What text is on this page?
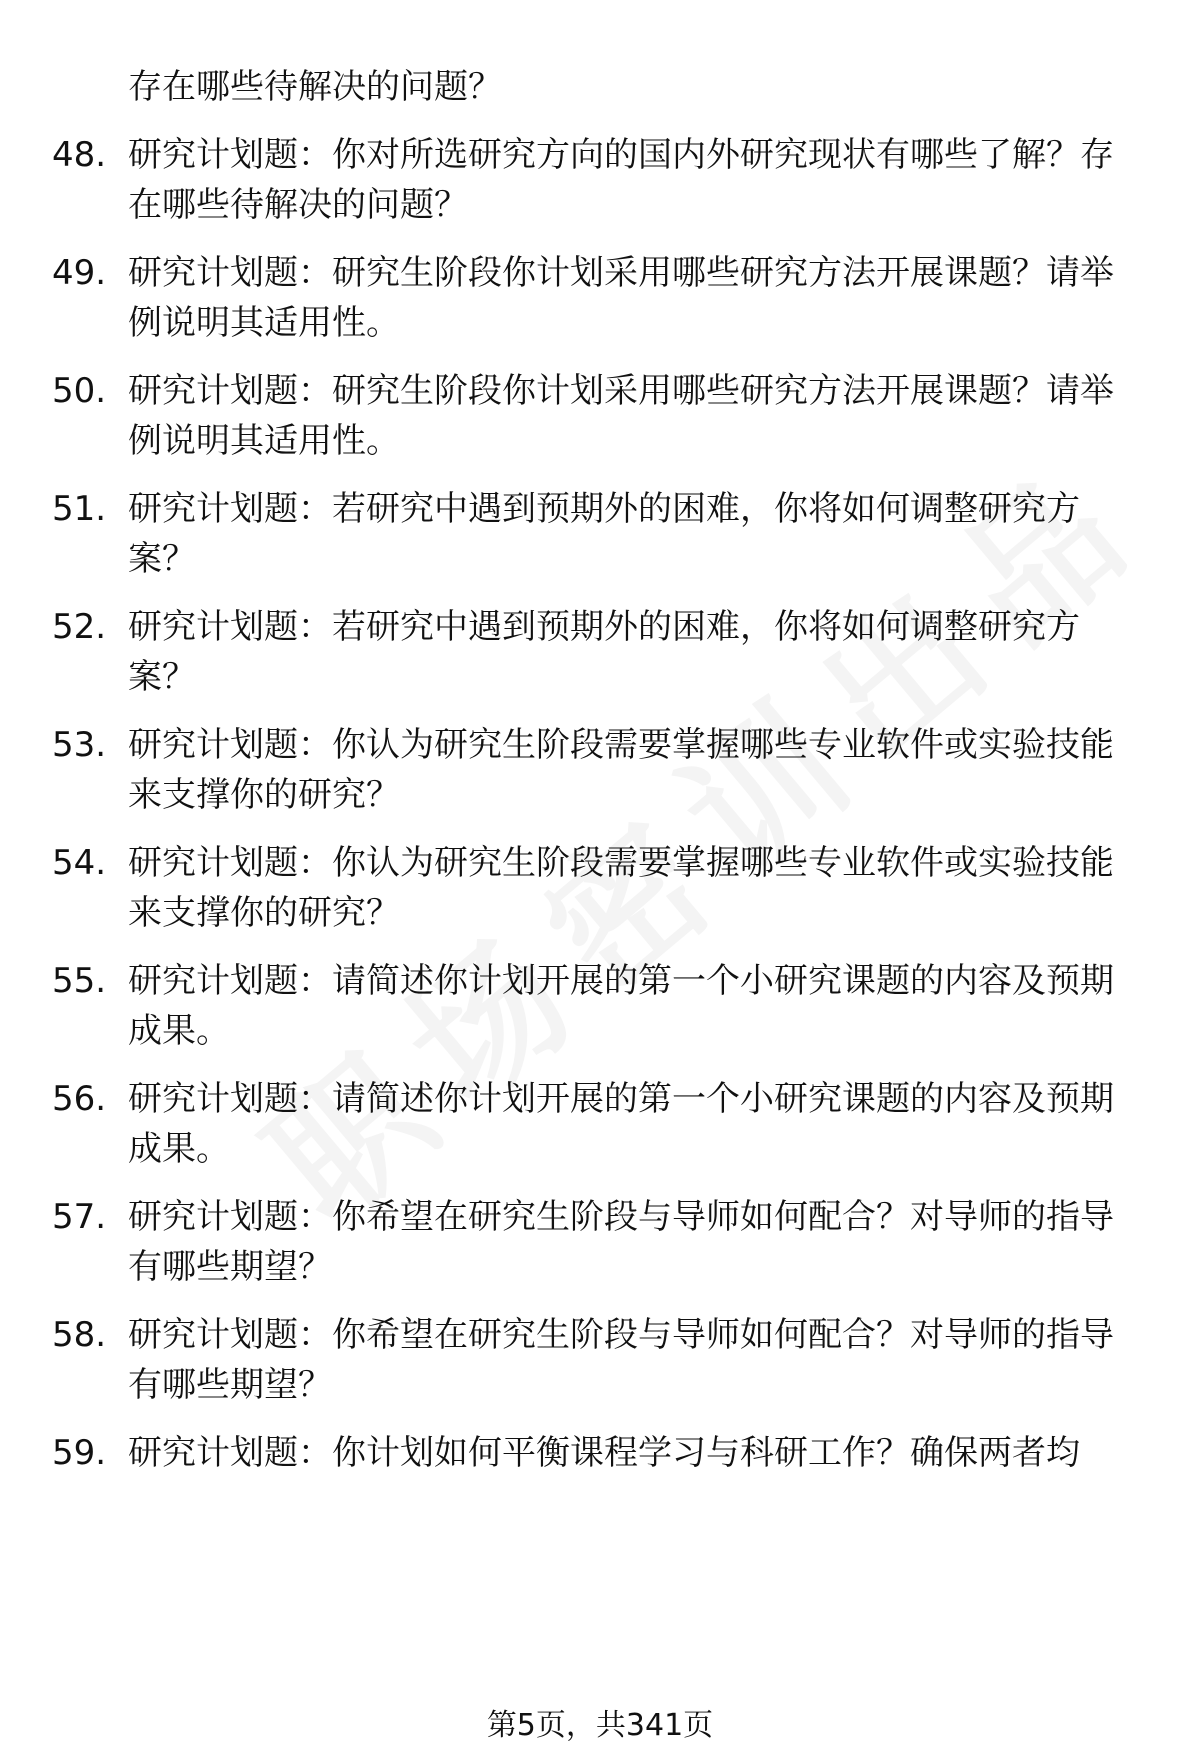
存在哪些待解决的问题？
48. 研究计划题：你对所选研究方向的国内外研究现状有哪些了解？存在哪些待解决的问题？
49. 研究计划题：研究生阶段你计划采用哪些研究方法开展课题？请举例说明其适用性。
50. 研究计划题：研究生阶段你计划采用哪些研究方法开展课题？请举例说明其适用性。
51. 研究计划题：若研究中遇到预期外的困难，你将如何调整研究方案？
52. 研究计划题：若研究中遇到预期外的困难，你将如何调整研究方案？
53. 研究计划题：你认为研究生阶段需要掌握哪些专业软件或实验技能来支撑你的研究？
54. 研究计划题：你认为研究生阶段需要掌握哪些专业软件或实验技能来支撑你的研究？
55. 研究计划题：请简述你计划开展的第一个小研究课题的内容及预期成果。
56. 研究计划题：请简述你计划开展的第一个小研究课题的内容及预期成果。
57. 研究计划题：你希望在研究生阶段与导师如何配合？对导师的指导有哪些期望？
58. 研究计划题：你希望在研究生阶段与导师如何配合？对导师的指导有哪些期望？
59. 研究计划题：你计划如何平衡课程学习与科研工作？确保两者均
第5页，共341页
